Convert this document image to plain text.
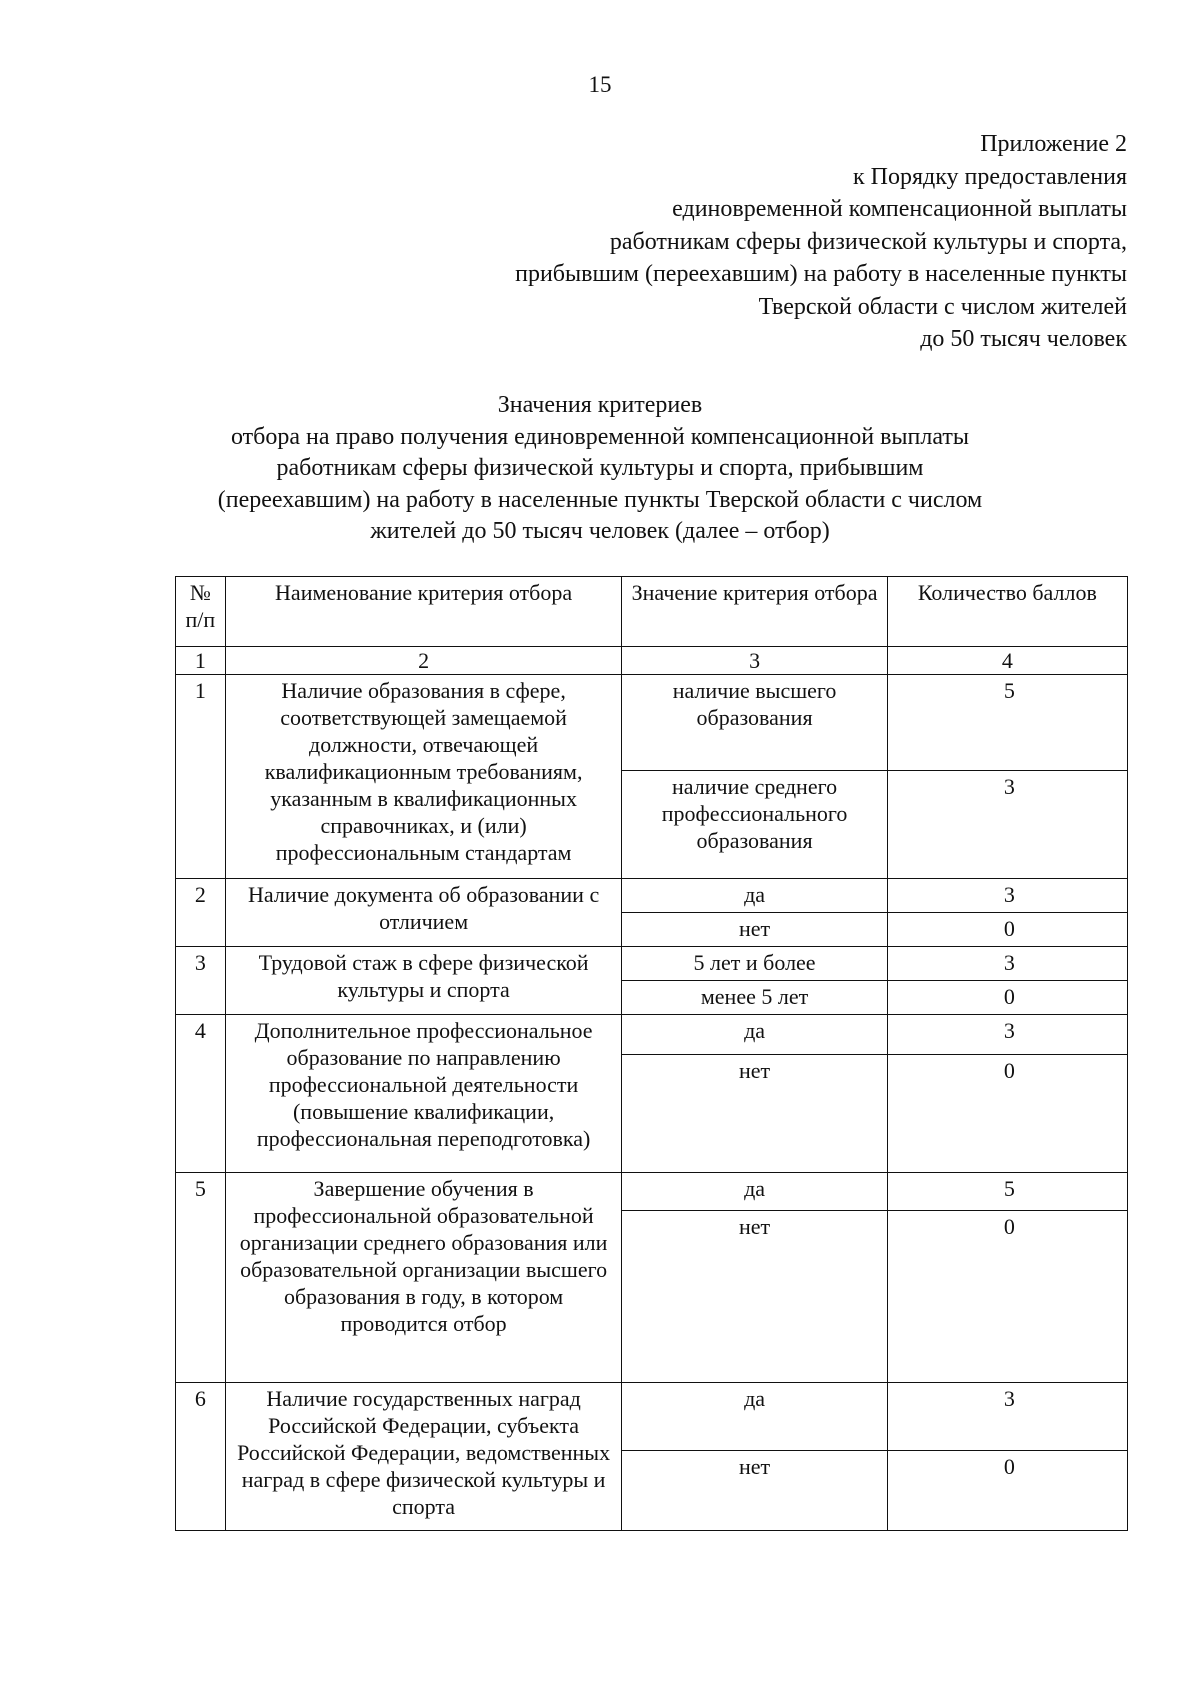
15
Приложение 2
к Порядку предоставления
единовременной компенсационной выплаты
работникам сферы физической культуры и спорта,
прибывшим (переехавшим) на работу в населенные пункты
Тверской области с числом жителей
до 50 тысяч человек
Значения критериев
отбора на право получения единовременной компенсационной выплаты
работникам сферы физической культуры и спорта, прибывшим
(переехавшим) на работу в населенные пункты Тверской области с числом
жителей до 50 тысяч человек (далее – отбор)
№ п/п	Наименование критерия отбора	Значение критерия отбора	Количество баллов
1	2	3	4
1	Наличие образования в сфере, соответствующей замещаемой должности, отвечающей квалификационным требованиям, указанным в квалификационных справочниках, и (или) профессиональным стандартам	наличие высшего образования	5
		наличие среднего профессионального образования	3
2	Наличие документа об образовании с отличием	да	3
		нет	0
3	Трудовой стаж в сфере физической культуры и спорта	5 лет и более	3
		менее 5 лет	0
4	Дополнительное профессиональное образование по направлению профессиональной деятельности (повышение квалификации, профессиональная переподготовка)	да	3
		нет	0
5	Завершение обучения в профессиональной образовательной организации среднего образования или образовательной организации высшего образования в году, в котором проводится отбор	да	5
		нет	0
6	Наличие государственных наград Российской Федерации, субъекта Российской Федерации, ведомственных наград в сфере физической культуры и спорта	да	3
		нет	0
